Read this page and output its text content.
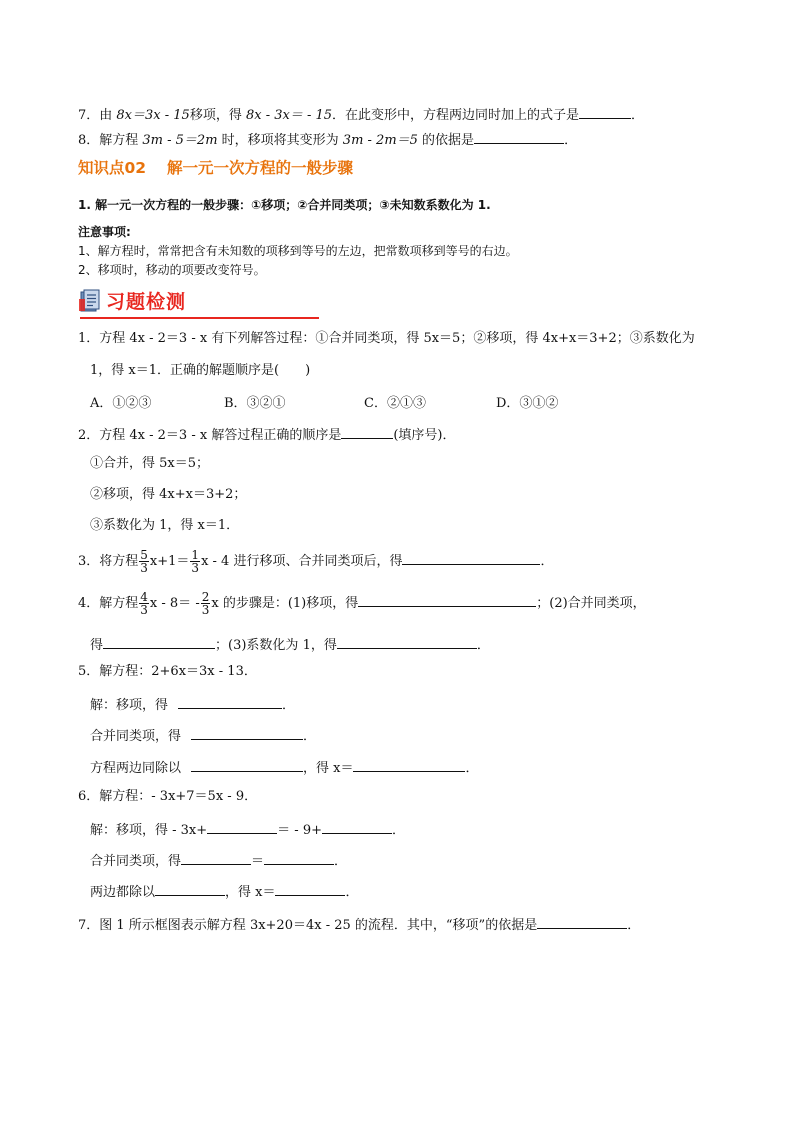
7．由 8x＝3x - 15移项，得 8x - 3x＝ - 15．在此变形中，方程两边同时加上的式子是	．
8．解方程 3m - 5＝2m 时，移项将其变形为 3m - 2m＝5 的依据是	．
知识点02　 解一元一次方程的一般步骤
1. 解一元一次方程的一般步骤：①移项；②合并同类项；③未知数系数化为 1.
注意事项:
1、解方程时，常常把含有未知数的项移到等号的左边，把常数项移到等号的右边。
2、移项时，移动的项要改变符号。
习题检测
1．方程 4x - 2＝3 - x 有下列解答过程：①合并同类项，得 5x＝5；②移项，得 4x+x＝3+2；③系数化为
1，得 x＝1．正确的解题顺序是(　　)
A．①②③	B．③②①	C．②①③	D．③①②
2．方程 4x - 2＝3 - x 解答过程正确的顺序是	(填序号)．
①合并，得 5x＝5；
②移项，得 4x+x＝3+2；
③系数化为 1，得 x＝1．
3．将方程 $\frac{5}{3} x+1= \frac{1}{3}$ x - 4 进行移项、合并同类项后，得	．
4．解方程 $\frac{4}{3}$ $x - 8= - \frac{2}{3}$ x 的步骤是：(1)移项，得	；(2)合并同类项，
得	；(3)系数化为 1，得	．
5．解方程：2+6x＝3x - 13．
解：移项，得	．
合并同类项，得	．
方程两边同除以	，得 x＝	．
6．解方程：- 3x+7＝5x - 9．
解：移项，得 - 3x+	＝ - 9+	．
合并同类项，得	＝	．
两边都除以	，得 x＝	．
7．图 1 所示框图表示解方程 3x+20＝4x - 25 的流程．其中，“移项”的依据是	．
